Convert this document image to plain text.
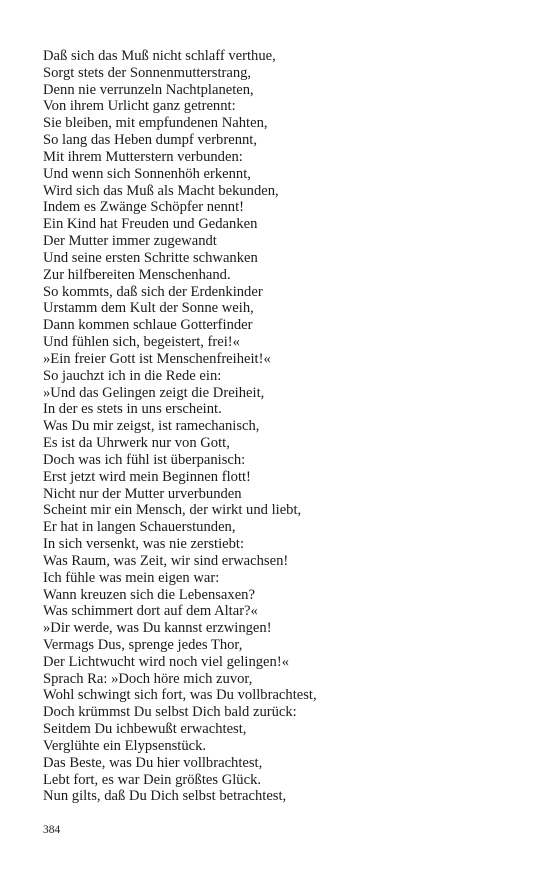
Daß sich das Muß nicht schlaff verthue,
Sorgt stets der Sonnenmutterstrang,
Denn nie verrunzeln Nachtplaneten,
Von ihrem Urlicht ganz getrennt:
Sie bleiben, mit empfundenen Nahten,
So lang das Heben dumpf verbrennt,
Mit ihrem Mutterstern verbunden:
Und wenn sich Sonnenhöh erkennt,
Wird sich das Muß als Macht bekunden,
Indem es Zwänge Schöpfer nennt!
Ein Kind hat Freuden und Gedanken
Der Mutter immer zugewandt
Und seine ersten Schritte schwanken
Zur hilfbereiten Menschenhand.
So kommts, daß sich der Erdenkinder
Urstamm dem Kult der Sonne weih,
Dann kommen schlaue Gotterfinder
Und fühlen sich, begeistert, frei!«
»Ein freier Gott ist Menschenfreiheit!«
So jauchzt ich in die Rede ein:
»Und das Gelingen zeigt die Dreiheit,
In der es stets in uns erscheint.
Was Du mir zeigst, ist ramechanisch,
Es ist da Uhrwerk nur von Gott,
Doch was ich fühl ist überpanisch:
Erst jetzt wird mein Beginnen flott!
Nicht nur der Mutter urverbunden
Scheint mir ein Mensch, der wirkt und liebt,
Er hat in langen Schauerstunden,
In sich versenkt, was nie zerstiebt:
Was Raum, was Zeit, wir sind erwachsen!
Ich fühle was mein eigen war:
Wann kreuzen sich die Lebensaxen?
Was schimmert dort auf dem Altar?«
»Dir werde, was Du kannst erzwingen!
Vermags Dus, sprenge jedes Thor,
Der Lichtwucht wird noch viel gelingen!«
Sprach Ra: »Doch höre mich zuvor,
Wohl schwingt sich fort, was Du vollbrachtest,
Doch krümmst Du selbst Dich bald zurück:
Seitdem Du ichbewußt erwachtest,
Verglühte ein Elypsenstück.
Das Beste, was Du hier vollbrachtest,
Lebt fort, es war Dein größtes Glück.
Nun gilts, daß Du Dich selbst betrachtest,
384
